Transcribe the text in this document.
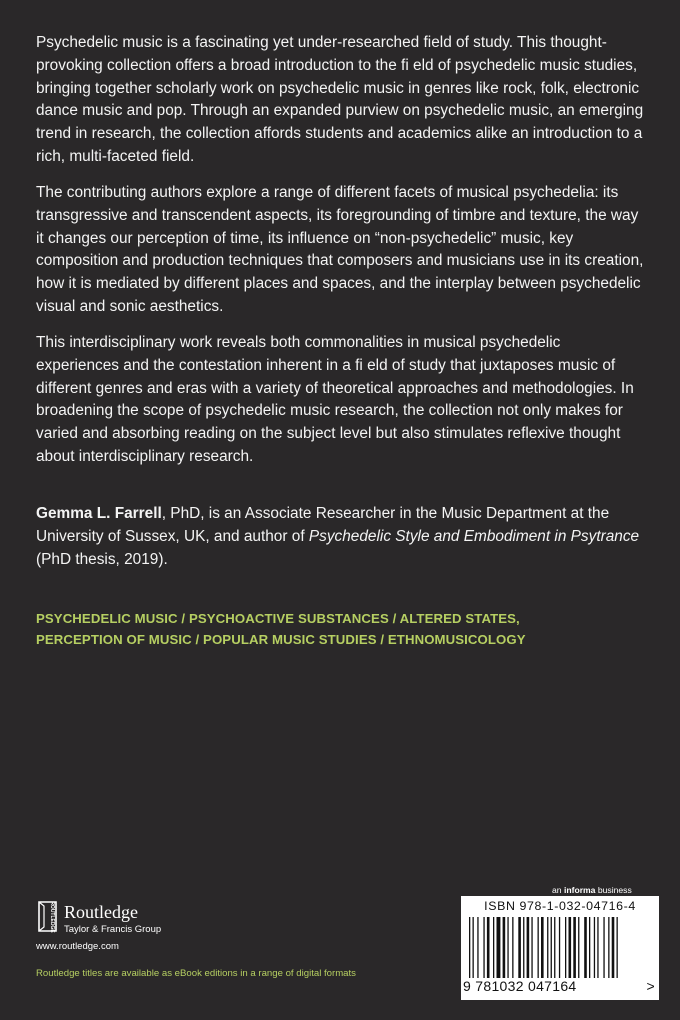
Psychedelic music is a fascinating yet under-researched field of study. This thought-provoking collection offers a broad introduction to the fi eld of psychedelic music studies, bringing together scholarly work on psychedelic music in genres like rock, folk, electronic dance music and pop. Through an expanded purview on psychedelic music, an emerging trend in research, the collection affords students and academics alike an introduction to a rich, multi-faceted field.

The contributing authors explore a range of different facets of musical psychedelia: its transgressive and transcendent aspects, its foregrounding of timbre and texture, the way it changes our perception of time, its influence on “non-psychedelic” music, key composition and production techniques that composers and musicians use in its creation, how it is mediated by different places and spaces, and the interplay between psychedelic visual and sonic aesthetics.

This interdisciplinary work reveals both commonalities in musical psychedelic experiences and the contestation inherent in a fi eld of study that juxtaposes music of different genres and eras with a variety of theoretical approaches and methodologies. In broadening the scope of psychedelic music research, the collection not only makes for varied and absorbing reading on the subject level but also stimulates reflexive thought about interdisciplinary research.

Gemma L. Farrell, PhD, is an Associate Researcher in the Music Department at the University of Sussex, UK, and author of Psychedelic Style and Embodiment in Psytrance (PhD thesis, 2019).

PSYCHEDELIC MUSIC / PSYCHOACTIVE SUBSTANCES / ALTERED STATES,
PERCEPTION OF MUSIC / POPULAR MUSIC STUDIES / ETHNOMUSICOLOGY
ROUTLEDGE Routledge
Taylor & Francis Group
www.routledge.com
Routledge titles are available as eBook editions in a range of digital formats
an informa business
ISBN 978-1-032-04716-4
9 781032 047164	>
